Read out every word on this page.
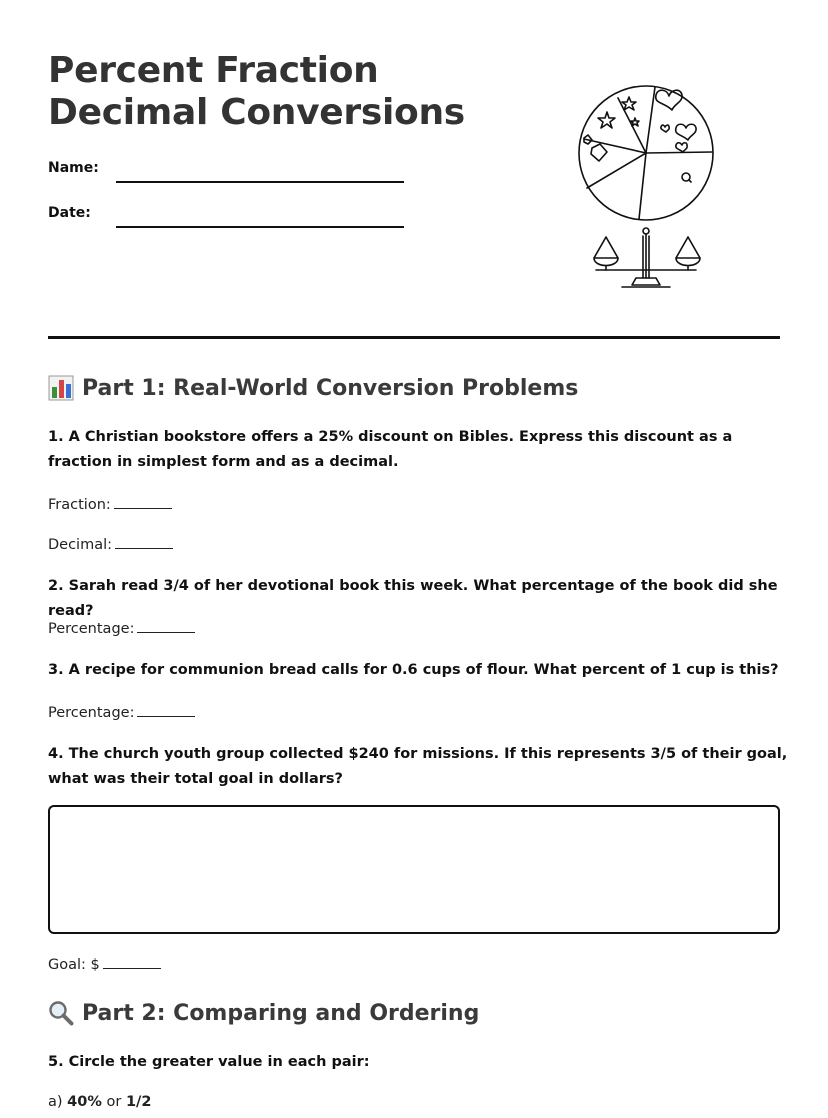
Percent Fraction
Decimal Conversions
Name:
Date:
Part 1: Real-World Conversion Problems

1. A Christian bookstore offers a 25% discount on Bibles. Express this discount as a fraction in simplest form and as a decimal.

Fraction:

Decimal:

2. Sarah read 3/4 of her devotional book this week. What percentage of the book did she read?

Percentage:

3. A recipe for communion bread calls for 0.6 cups of flour. What percent of 1 cup is this?

Percentage:

4. The church youth group collected $240 for missions. If this represents 3/5 of their goal, what was their total goal in dollars?

Goal: $

Part 2: Comparing and Ordering

5. Circle the greater value in each pair:

a) 40% or 1/2
